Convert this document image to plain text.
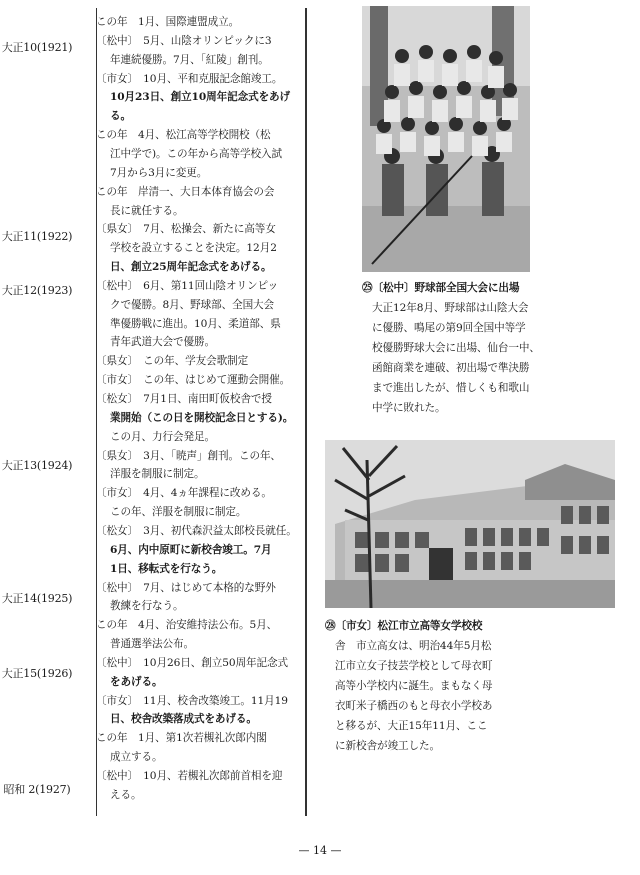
大正10(1921)
大正11(1922)
大正12(1923)
大正13(1924)
大正14(1925)
大正15(1926)
昭和 2(1927)
この年　1月、国際連盟成立。
〔松中〕　5月、山陰オリンピックに3
年連続優勝。7月、「紅陵」創刊。
〔市女〕　10月、平和克服記念館竣工。
10月23日、創立10周年記念式をあげ
る。
この年　4月、松江高等学校開校（松
江中学で)。この年から高等学校入試
7月から3月に変更。
この年　岸清一、大日本体育協会の会
長に就任する。
〔県女〕　7月、松操会、新たに高等女
学校を設立することを決定。12月2
日、創立25周年記念式をあげる。
〔松中〕　6月、第11回山陰オリンピッ
クで優勝。8月、野球部、全国大会
準優勝戦に進出。10月、柔道部、県
青年武道大会で優勝。
〔県女〕　この年、学友会歌制定
〔市女〕　この年、はじめて運動会開催。
〔松女〕　7月1日、南田町仮校舎で授
業開始（この日を開校記念日とする)。
この月、力行会発足。
〔県女〕　3月、「暁声」創刊。この年、
洋服を制服に制定。
〔市女〕　4月、4ヵ年課程に改める。
この年、洋服を制服に制定。
〔松女〕　3月、初代森沢益太郎校長就任。
6月、内中原町に新校舎竣工。7月
1日、移転式を行なう。
〔松中〕　7月、はじめて本格的な野外
教練を行なう。
この年　4月、治安維持法公布。5月、
普通選挙法公布。
〔松中〕　10月26日、創立50周年記念式
をあげる。
〔市女〕　11月、校舎改築竣工。11月19
日、校舎改築落成式をあげる。
この年　1月、第1次若槻礼次郎内閣
成立する。
〔松中〕　10月、若槻礼次郎前首相を迎
える。
㉕〔松中〕野球部全国大会に出場
大正12年8月、野球部は山陰大会
に優勝、鳴尾の第9回全国中等学
校優勝野球大会に出場、仙台一中、
函館商業を連破、初出場で準決勝
まで進出したが、惜しくも和歌山
中学に敗れた。
㉘〔市女〕松江市立高等女学校校
舎　市立高女は、明治44年5月松
江市立女子技芸学校として母衣町
高等小学校内に誕生。まもなく母
衣町米子橋西のもと母衣小学校あ
と移るが、大正15年11月、ここ
に新校舎が竣工した。
— 14 —
